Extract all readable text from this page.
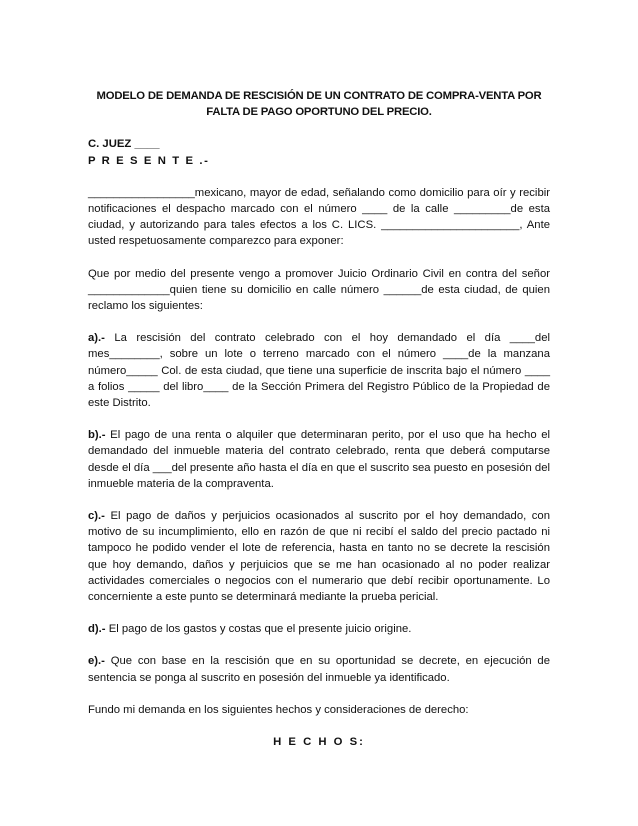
MODELO DE DEMANDA DE RESCISIÓN DE UN CONTRATO DE COMPRA-VENTA POR FALTA DE PAGO OPORTUNO DEL PRECIO.

C. JUEZ ____

P R E S E N T E .-

_________________mexicano, mayor de edad, señalando como domicilio para oír y recibir notificaciones el despacho marcado con el número ____ de la calle _________de esta ciudad, y autorizando para tales efectos a los C. LICS. ______________________, Ante usted respetuosamente comparezco para exponer:

Que por medio del presente vengo a promover Juicio Ordinario Civil en contra del señor _____________quien tiene su domicilio en calle número ______de esta ciudad, de quien reclamo los siguientes:

a).- La rescisión del contrato celebrado con el hoy demandado el día ____del mes________, sobre un lote o terreno marcado con el número ____de la manzana número_____ Col. de esta ciudad, que tiene una superficie de inscrita bajo el número ____ a folios _____ del libro____ de la Sección Primera del Registro Público de la Propiedad de este Distrito.

b).- El pago de una renta o alquiler que determinaran perito, por el uso que ha hecho el demandado del inmueble materia del contrato celebrado, renta que deberá computarse desde el día ___del presente año hasta el día en que el suscrito sea puesto en posesión del inmueble materia de la compraventa.

c).- El pago de daños y perjuicios ocasionados al suscrito por el hoy demandado, con motivo de su incumplimiento, ello en razón de que ni recibí el saldo del precio pactado ni tampoco he podido vender el lote de referencia, hasta en tanto no se decrete la rescisión que hoy demando, daños y perjuicios que se me han ocasionado al no poder realizar actividades comerciales o negocios con el numerario que debí recibir oportunamente. Lo concerniente a este punto se determinará mediante la prueba pericial.

d).- El pago de los gastos y costas que el presente juicio origine.

e).- Que con base en la rescisión que en su oportunidad se decrete, en ejecución de sentencia se ponga al suscrito en posesión del inmueble ya identificado.

Fundo mi demanda en los siguientes hechos y consideraciones de derecho:

H E C H O S:
